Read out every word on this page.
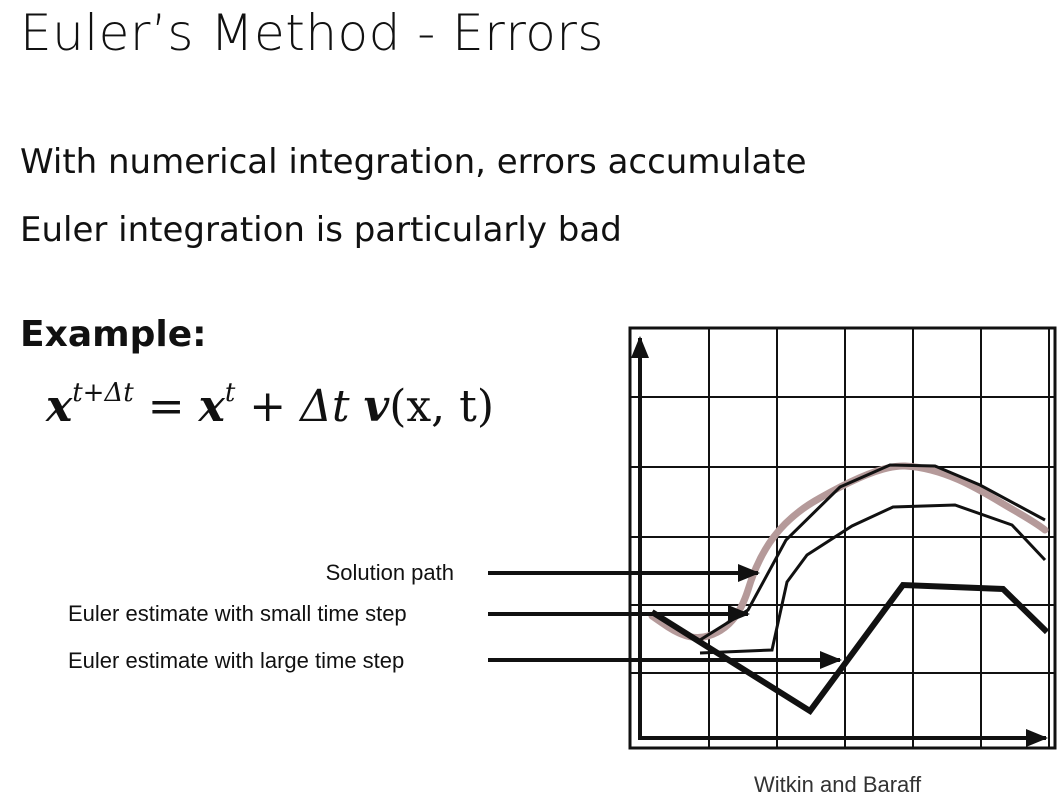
Euler’s Method - Errors
With numerical integration, errors accumulate
Euler integration is particularly bad
Example:
$x^{t+\Delta t} = x^t + \Delta t$ v(x, t)
Solution path
Euler estimate with small time step
Euler estimate with large time step
Witkin and Baraff
